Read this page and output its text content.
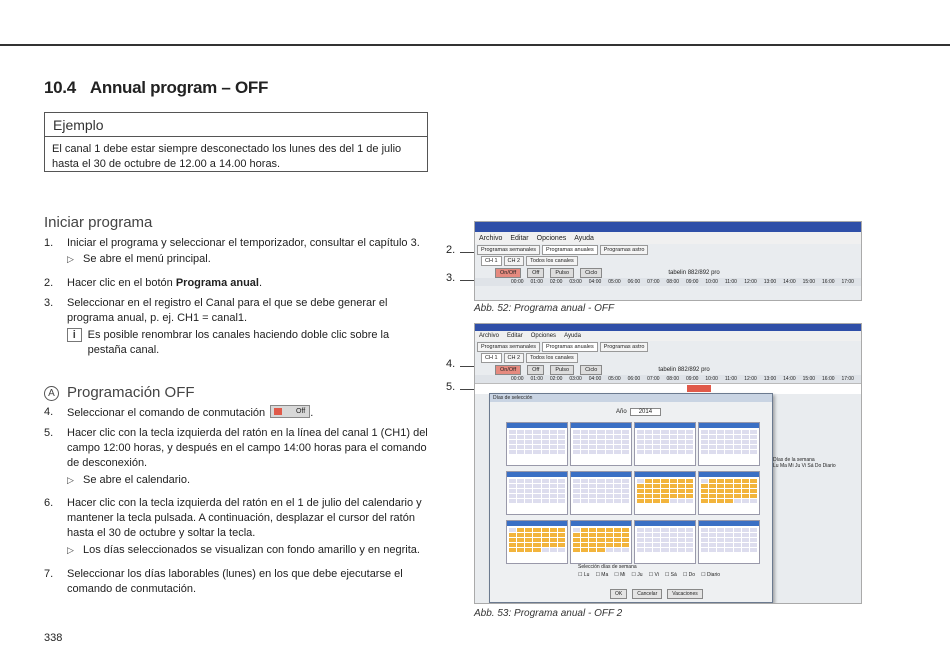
10.4 Annual program – OFF
Ejemplo
El canal 1 debe estar siempre desconectado los lunes des del 1 de julio hasta el 30 de octubre de 12.00 a 14.00 horas.
Iniciar programa
1. Iniciar el programa y seleccionar el temporizador, consultar el capítulo 3.
▷ Se abre el menú principal.
2. Hacer clic en el botón Programa anual.
3. Seleccionar en el registro el Canal para el que se debe generar el programa anual, p. ej. CH1 = canal1.
i	Es posible renombrar los canales haciendo doble clic sobre la pestaña canal.
A Programación OFF
4. Seleccionar el comando de conmutación	Off .
5. Hacer clic con la tecla izquierda del ratón en la línea del canal 1 (CH1) del campo 12:00 horas, y después en el campo 14:00 horas para el comando de desconexión.
▷ Se abre el calendario.
6. Hacer clic con la tecla izquierda del ratón en el 1 de julio del calendario y mantener la tecla pulsada. A continuación, desplazar el cursor del ratón hasta el 30 de octubre y soltar la tecla.
▷ Los días seleccionados se visualizan con fondo amarillo y en negrita.
7. Seleccionar los días laborables (lunes) en los que debe ejecutarse el comando de conmutación.
338
2.
3.
Archivo Editar Opciones Ayuda
Programas semanales	Programas anuales	Programas astro
CH 1	CH 2	Todos los canales
On/Off	Off	Pulso	Ciclo	tabelin 882/892 pro
00:00	01:00	02:00	03:00	04:00	05:00	06:00	07:00	08:00	09:00	10:00	11:00	12:00	13:00	14:00	15:00	16:00	17:00
Abb. 52: Programa anual - OFF
4.
5.
Archivo Editar Opciones Ayuda
Programas semanales	Programas anuales	Programas astro
CH 1	CH 2	Todos los canales
On/Off	Off	Pulso	Ciclo	tabelin 882/892 pro
00:00	01:00	02:00	03:00	04:00	05:00	06:00	07:00	08:00	09:00	10:00	11:00	12:00	13:00	14:00	15:00	16:00	17:00
Días de la semana
Lu Ma Mi Ju Vi Sá Do Diario
Días de selección
Año 2014
Selección días de semana
☐ Lu ☐ Ma ☐ Mi ☐ Ju ☐ Vi ☐ Sá ☐ Do ☐ Diario
OK	Cancelar	Vacaciones
Abb. 53: Programa anual - OFF 2
